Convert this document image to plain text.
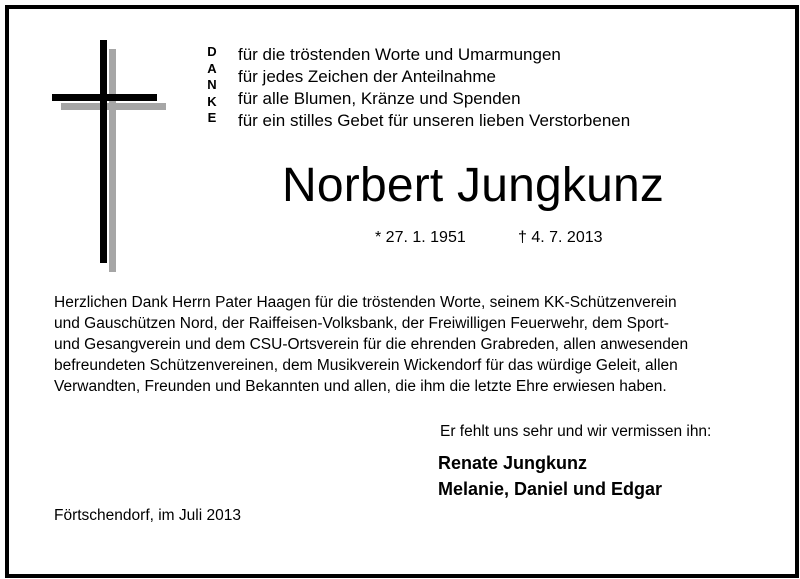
D
A
N
K
E
für die tröstenden Worte und Umarmungen
für jedes Zeichen der Anteilnahme
für alle Blumen, Kränze und Spenden
für ein stilles Gebet für unseren lieben Verstorbenen
Norbert Jungkunz
* 27. 1. 1951	† 4. 7. 2013
Herzlichen Dank Herrn Pater Haagen für die tröstenden Worte, seinem KK-Schützenverein
und Gauschützen Nord, der Raiffeisen-Volksbank, der Freiwilligen Feuerwehr, dem Sport-
und Gesangverein und dem CSU-Ortsverein für die ehrenden Grabreden, allen anwesenden
befreundeten Schützenvereinen, dem Musikverein Wickendorf für das würdige Geleit, allen
Verwandten, Freunden und Bekannten und allen, die ihm die letzte Ehre erwiesen haben.
Er fehlt uns sehr und wir vermissen ihn:
Renate Jungkunz
Melanie, Daniel und Edgar
Förtschendorf, im Juli 2013
